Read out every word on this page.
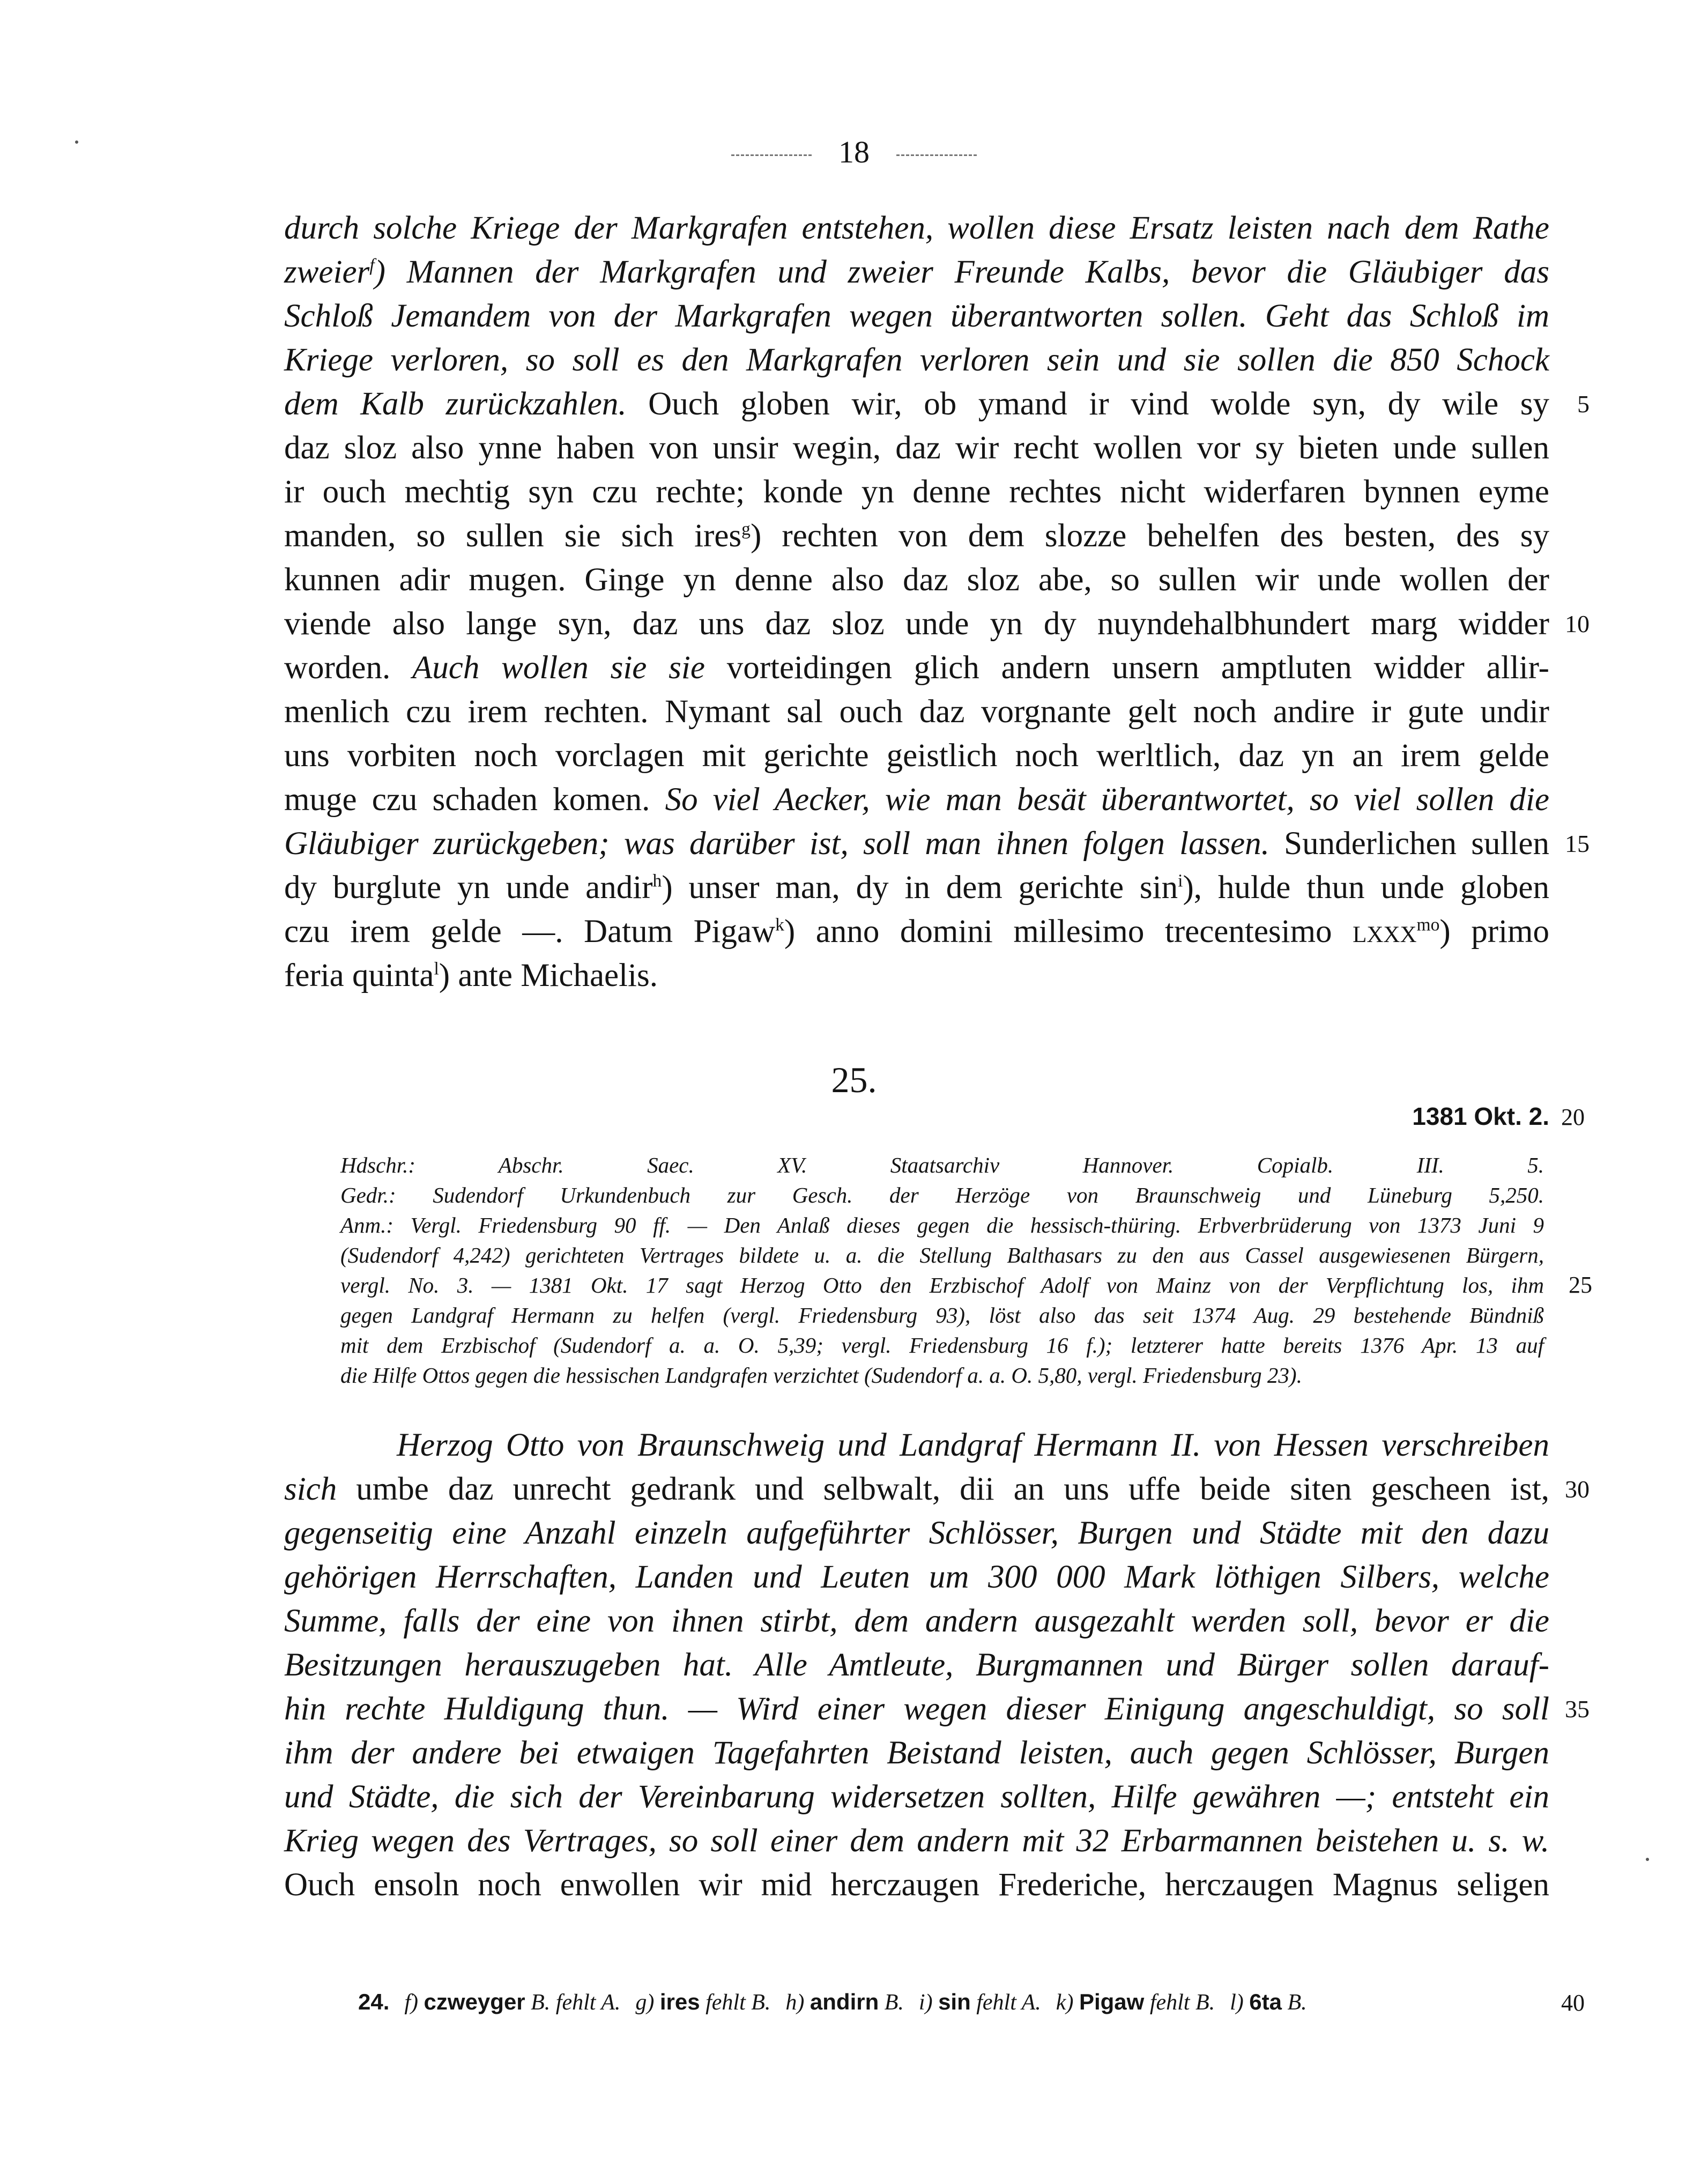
18
durch solche Kriege der Markgrafen entstehen, wollen diese Ersatz leisten nach dem Rathe
zweier$^f$) Mannen der Markgrafen und zweier Freunde Kalbs, bevor die Gläubiger das
Schloß Jemandem von der Markgrafen wegen überantworten sollen. Geht das Schloß im
Kriege verloren, so soll es den Markgrafen verloren sein und sie sollen die 850 Schock
dem Kalb zurückzahlen. Ouch globen wir, ob ymand ir vind wolde syn, dy wile sy 5
daz sloz also ynne haben von unsir wegin, daz wir recht wollen vor sy bieten unde sullen
ir ouch mechtig syn czu rechte; konde yn denne rechtes nicht widerfaren bynnen eyme
manden, so sullen sie sich ires$^g$) rechten von dem slozze behelfen des besten, des sy
kunnen adir mugen. Ginge yn denne also daz sloz abe, so sullen wir unde wollen der
viende also lange syn, daz uns daz sloz unde yn dy nuyndehalbhundert marg widder 10
worden. Auch wollen sie sie vorteidingen glich andern unsern amptluten widder allir-
menlich czu irem rechten. Nymant sal ouch daz vorgnante gelt noch andire ir gute undir
uns vorbiten noch vorclagen mit gerichte geistlich noch werltlich, daz yn an irem gelde
muge czu schaden komen. So viel Aecker, wie man besät überantwortet, so viel sollen die
Gläubiger zurückgeben; was darüber ist, soll man ihnen folgen lassen. Sunderlichen sullen 15
dy burglute yn unde andir$^h$) unser man, dy in dem gerichte $\sin^i$), hulde thun unde globen
czu irem gelde —. Datum Pigaw$^k$) anno domini millesimo trecentesimo lxxx$^{mo}$) primo
feria quinta$^l$) ante Michaelis.
25.
1381 Okt. 2. 20
Hdschr.: Abschr. Saec. XV. Staatsarchiv Hannover. Copialb. III. 5.
Gedr.: Sudendorf Urkundenbuch zur Gesch. der Herzöge von Braunschweig und Lüneburg 5,250.
Anm.: Vergl. Friedensburg 90 ff. — Den Anlaß dieses gegen die hessisch-thüring. Erbverbrüderung von 1373 Juni 9
(Sudendorf 4,242) gerichteten Vertrages bildete u. a. die Stellung Balthasars zu den aus Cassel ausgewiesenen Bürgern,
vergl. No. 3. — 1381 Okt. 17 sagt Herzog Otto den Erzbischof Adolf von Mainz von der Verpflichtung los, ihm 25
gegen Landgraf Hermann zu helfen (vergl. Friedensburg 93), löst also das seit 1374 Aug. 29 bestehende Bündniß
mit dem Erzbischof (Sudendorf a. a. O. 5,39; vergl. Friedensburg 16 f.); letzterer hatte bereits 1376 Apr. 13 auf
die Hilfe Ottos gegen die hessischen Landgrafen verzichtet (Sudendorf a. a. O. 5,80, vergl. Friedensburg 23).
Herzog Otto von Braunschweig und Landgraf Hermann II. von Hessen verschreiben
sich umbe daz unrecht gedrank und selbwalt, dii an uns uffe beide siten gescheen ist, 30
gegenseitig eine Anzahl einzeln aufgeführter Schlösser, Burgen und Städte mit den dazu
gehörigen Herrschaften, Landen und Leuten um 300 000 Mark löthigen Silbers, welche
Summe, falls der eine von ihnen stirbt, dem andern ausgezahlt werden soll, bevor er die
Besitzungen herauszugeben hat. Alle Amtleute, Burgmannen und Bürger sollen darauf-
hin rechte Huldigung thun. — Wird einer wegen dieser Einigung angeschuldigt, so soll 35
ihm der andere bei etwaigen Tagefahrten Beistand leisten, auch gegen Schlösser, Burgen
und Städte, die sich der Vereinbarung widersetzen sollten, Hilfe gewähren —; entsteht ein
Krieg wegen des Vertrages, so soll einer dem andern mit 32 Erbarmannen beistehen u. s. w.
Ouch ensoln noch enwollen wir mid herczaugen Frederiche, herczaugen Magnus seligen
24. f) czweyger B. fehlt A. g) ires fehlt B. h) andirn B. i) sin fehlt A. k) Pigaw fehlt B. l) 6ta B.	40
